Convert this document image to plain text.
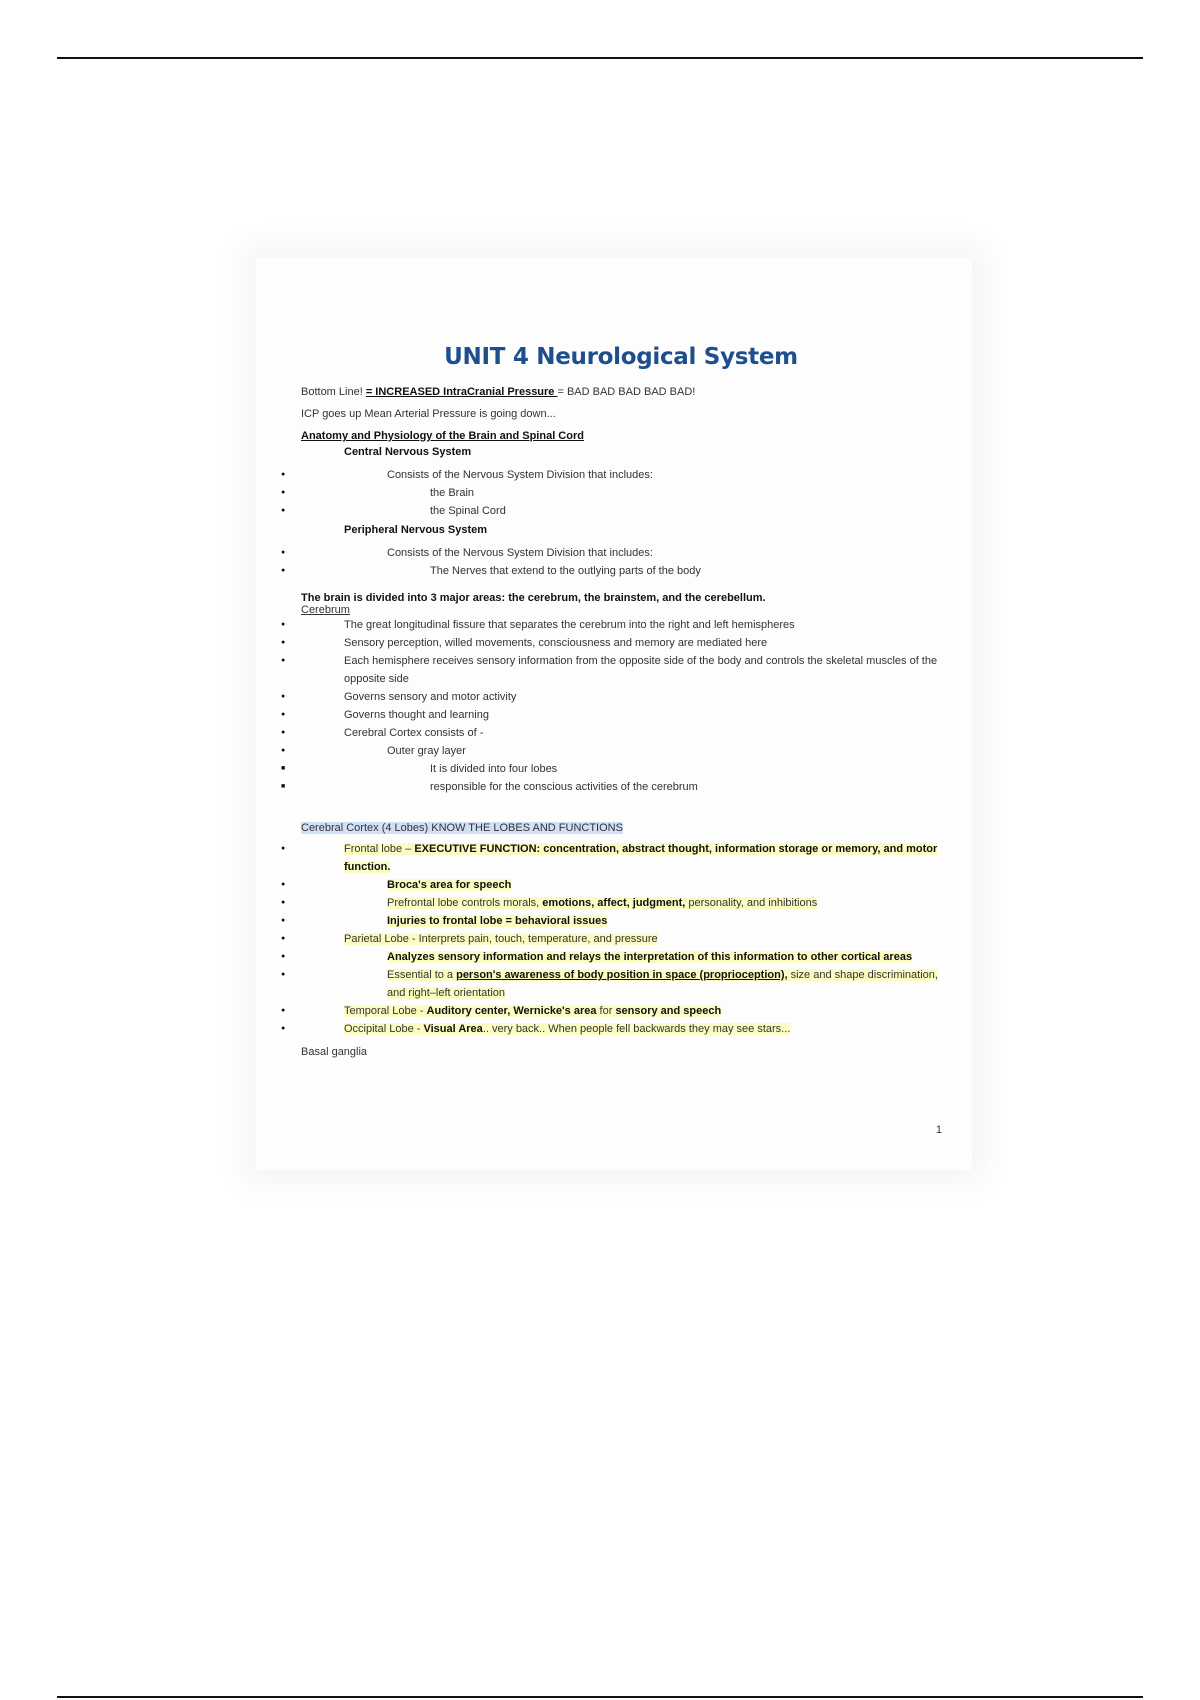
UNIT 4 Neurological System

Bottom Line! = INCREASED IntraCranial Pressure = BAD BAD BAD BAD BAD!

ICP goes up Mean Arterial Pressure is going down...

Anatomy and Physiology of the Brain and Spinal Cord

Central Nervous System

● Consists of the Nervous System Division that includes:
● the Brain
● the Spinal Cord

Peripheral Nervous System

● Consists of the Nervous System Division that includes:
● The Nerves that extend to the outlying parts of the body

The brain is divided into 3 major areas: the cerebrum, the brainstem, and the cerebellum.

Cerebrum

● The great longitudinal fissure that separates the cerebrum into the right and left hemispheres
● Sensory perception, willed movements, consciousness and memory are mediated here
● Each hemisphere receives sensory information from the opposite side of the body and controls the skeletal muscles of the opposite side
● Governs sensory and motor activity
● Governs thought and learning
● Cerebral Cortex consists of -
● Outer gray layer
■ It is divided into four lobes
■ responsible for the conscious activities of the cerebrum

Cerebral Cortex (4 Lobes) KNOW THE LOBES AND FUNCTIONS

● Frontal lobe – EXECUTIVE FUNCTION: concentration, abstract thought, information storage or memory, and motor function.
● Broca's area for speech
● Prefrontal lobe controls morals, emotions, affect, judgment, personality, and inhibitions
● Injuries to frontal lobe = behavioral issues
● Parietal Lobe - Interprets pain, touch, temperature, and pressure
● Analyzes sensory information and relays the interpretation of this information to other cortical areas
● Essential to a person's awareness of body position in space (proprioception), size and shape discrimination, and right–left orientation
● Temporal Lobe - Auditory center, Wernicke's area for sensory and speech
● Occipital Lobe - Visual Area.. very back.. When people fell backwards they may see stars...

Basal ganglia

1
